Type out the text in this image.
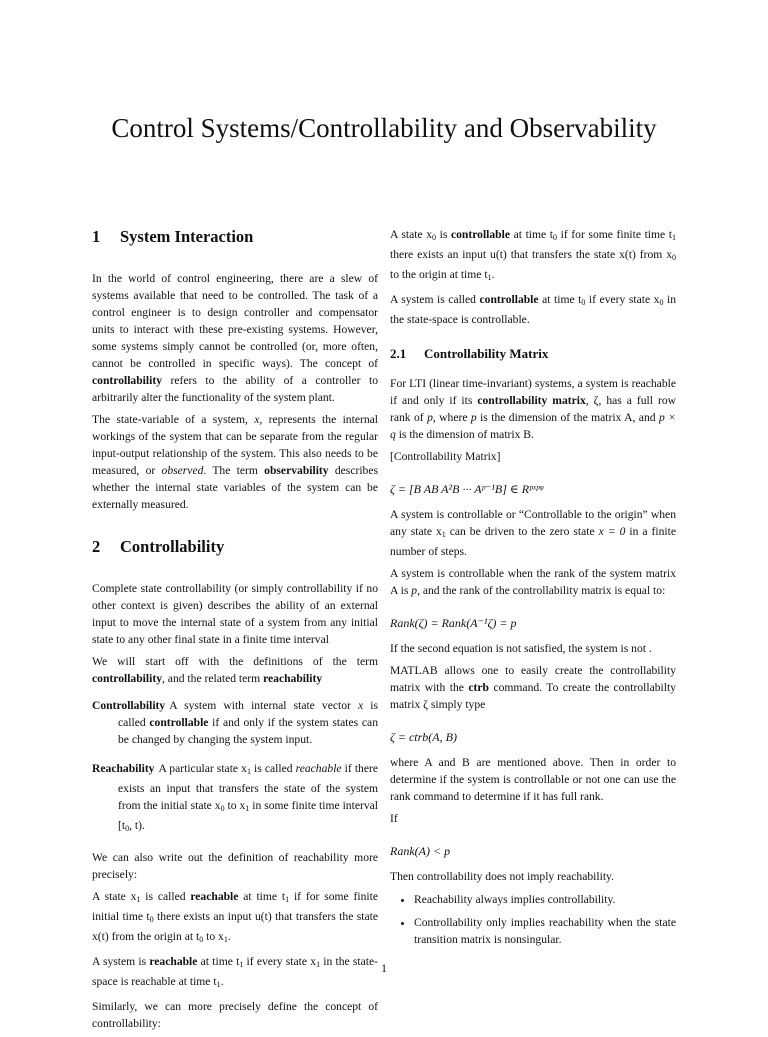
Control Systems/Controllability and Observability
1 System Interaction

In the world of control engineering, there are a slew of systems available that need to be controlled. The task of a control engineer is to design controller and compensator units to interact with these pre-existing systems. However, some systems simply cannot be controlled (or, more often, cannot be controlled in specific ways). The concept of controllability refers to the ability of a controller to arbitrarily alter the functionality of the system plant.

The state-variable of a system, x, represents the internal workings of the system that can be separate from the regular input-output relationship of the system. This also needs to be measured, or observed. The term observability describes whether the internal state variables of the system can be externally measured.

2 Controllability

Complete state controllability (or simply controllability if no other context is given) describes the ability of an external input to move the internal state of a system from any initial state to any other final state in a finite time interval

We will start off with the definitions of the term controllability, and the related term reachability

Controllability A system with internal state vector x is called controllable if and only if the system states can be changed by changing the system input.
Reachability A particular state $x_1$ is called reachable if there exists an input that transfers the state of the system from the initial state $x_0$ to $x_1$ in some finite time interval [$t_0$, t).

We can also write out the definition of reachability more precisely:

A state $x_1$ is called reachable at time $t_1$ if for some finite initial time $t_0$ there exists an input u(t) that transfers the state x(t) from the origin at $t_0$ to $x_1$.

A system is reachable at time $t_1$ if every state $x_1$ in the state-space is reachable at time $t_1$.

Similarly, we can more precisely define the concept of controllability:

A state $x_0$ is controllable at time $t_0$ if for some finite time $t_1$ there exists an input u(t) that transfers the state x(t) from $x_0$ to the origin at time $t_1$.

A system is called controllable at time $t_0$ if every state $x_0$ in the state-space is controllable.

2.1 Controllability Matrix

For LTI (linear time-invariant) systems, a system is reachable if and only if its controllability matrix, ζ, has a full row rank of p, where p is the dimension of the matrix A, and p × q is the dimension of matrix B.

[Controllability Matrix]

ζ = [B AB A²B ··· Aᵖ⁻¹B] ∈ Rᵖˣᵖᵠ

A system is controllable or “Controllable to the origin” when any state $x_1$ can be driven to the zero state x = 0 in a finite number of steps.

A system is controllable when the rank of the system matrix A is p, and the rank of the controllability matrix is equal to:

Rank(ζ) = Rank(A⁻¹ζ) = p

If the second equation is not satisfied, the system is not .

MATLAB allows one to easily create the controllability matrix with the ctrb command. To create the controllabilty matrix ζ simply type

ζ = ctrb(A, B)

where A and B are mentioned above. Then in order to determine if the system is controllable or not one can use the rank command to determine if it has full rank.

If

Rank(A) < p

Then controllability does not imply reachability.

• Reachability always implies controllability.
• Controllability only implies reachability when the state transition matrix is nonsingular.
1
